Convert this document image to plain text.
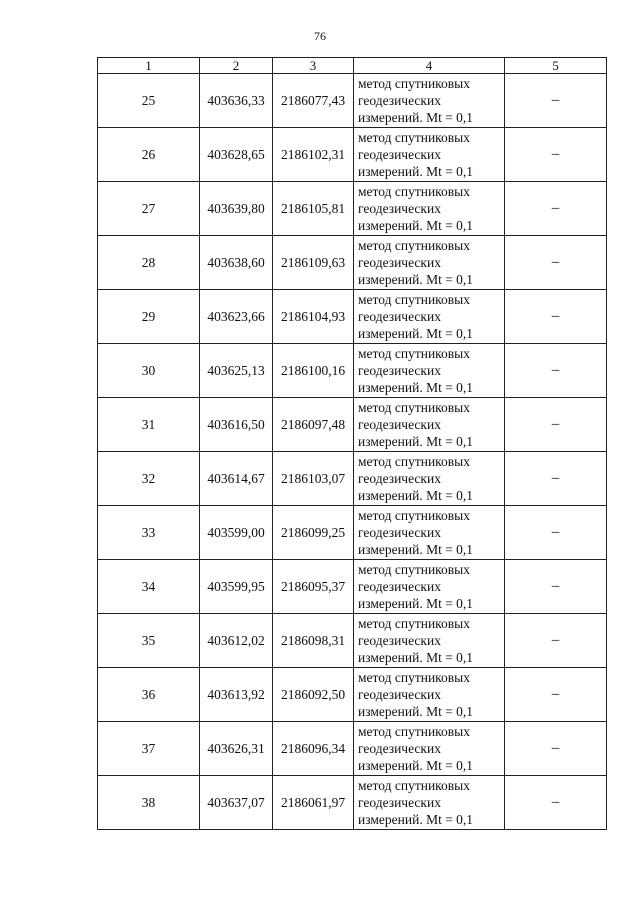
76
1	2	3	4	5
25	403636,33	2186077,43	метод спутниковых
геодезических
измерений. Mt = 0,1	–
26	403628,65	2186102,31	метод спутниковых
геодезических
измерений. Mt = 0,1	–
27	403639,80	2186105,81	метод спутниковых
геодезических
измерений. Mt = 0,1	–
28	403638,60	2186109,63	метод спутниковых
геодезических
измерений. Mt = 0,1	–
29	403623,66	2186104,93	метод спутниковых
геодезических
измерений. Mt = 0,1	–
30	403625,13	2186100,16	метод спутниковых
геодезических
измерений. Mt = 0,1	–
31	403616,50	2186097,48	метод спутниковых
геодезических
измерений. Mt = 0,1	–
32	403614,67	2186103,07	метод спутниковых
геодезических
измерений. Mt = 0,1	–
33	403599,00	2186099,25	метод спутниковых
геодезических
измерений. Mt = 0,1	–
34	403599,95	2186095,37	метод спутниковых
геодезических
измерений. Mt = 0,1	–
35	403612,02	2186098,31	метод спутниковых
геодезических
измерений. Mt = 0,1	–
36	403613,92	2186092,50	метод спутниковых
геодезических
измерений. Mt = 0,1	–
37	403626,31	2186096,34	метод спутниковых
геодезических
измерений. Mt = 0,1	–
38	403637,07	2186061,97	метод спутниковых
геодезических
измерений. Mt = 0,1	–
